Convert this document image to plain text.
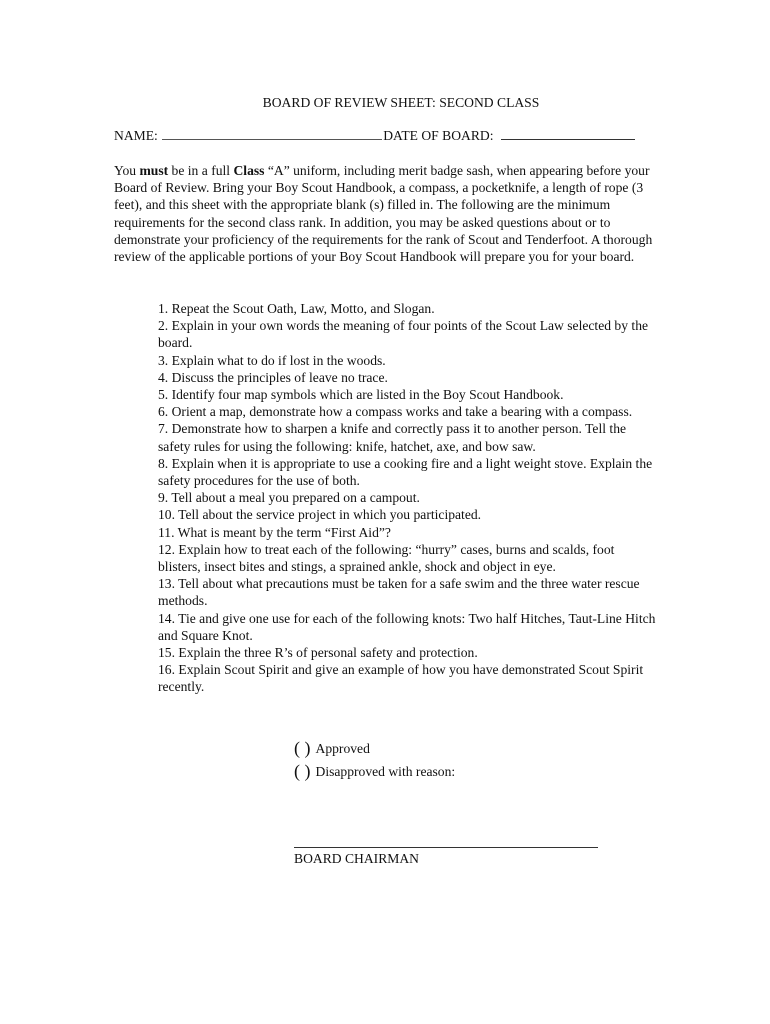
BOARD OF REVIEW SHEET: SECOND CLASS
NAME:	DATE OF BOARD:
You must be in a full Class “A” uniform, including merit badge sash, when appearing before your Board of Review. Bring your Boy Scout Handbook, a compass, a pocketknife, a length of rope (3 feet), and this sheet with the appropriate blank (s) filled in. The following are the minimum requirements for the second class rank. In addition, you may be asked questions about or to demonstrate your proficiency of the requirements for the rank of Scout and Tenderfoot. A thorough review of the applicable portions of your Boy Scout Handbook will prepare you for your board.
1. Repeat the Scout Oath, Law, Motto, and Slogan.
2. Explain in your own words the meaning of four points of the Scout Law selected by the board.
3. Explain what to do if lost in the woods.
4. Discuss the principles of leave no trace.
5. Identify four map symbols which are listed in the Boy Scout Handbook.
6. Orient a map, demonstrate how a compass works and take a bearing with a compass.
7. Demonstrate how to sharpen a knife and correctly pass it to another person. Tell the safety rules for using the following: knife, hatchet, axe, and bow saw.
8. Explain when it is appropriate to use a cooking fire and a light weight stove. Explain the safety procedures for the use of both.
9. Tell about a meal you prepared on a campout.
10. Tell about the service project in which you participated.
11. What is meant by the term “First Aid”?
12. Explain how to treat each of the following: “hurry” cases, burns and scalds, foot blisters, insect bites and stings, a sprained ankle, shock and object in eye.
13. Tell about what precautions must be taken for a safe swim and the three water rescue methods.
14. Tie and give one use for each of the following knots: Two half Hitches, Taut-Line Hitch and Square Knot.
15. Explain the three R’s of personal safety and protection.
16. Explain Scout Spirit and give an example of how you have demonstrated Scout Spirit recently.
( ) Approved
( ) Disapproved with reason:
BOARD CHAIRMAN
